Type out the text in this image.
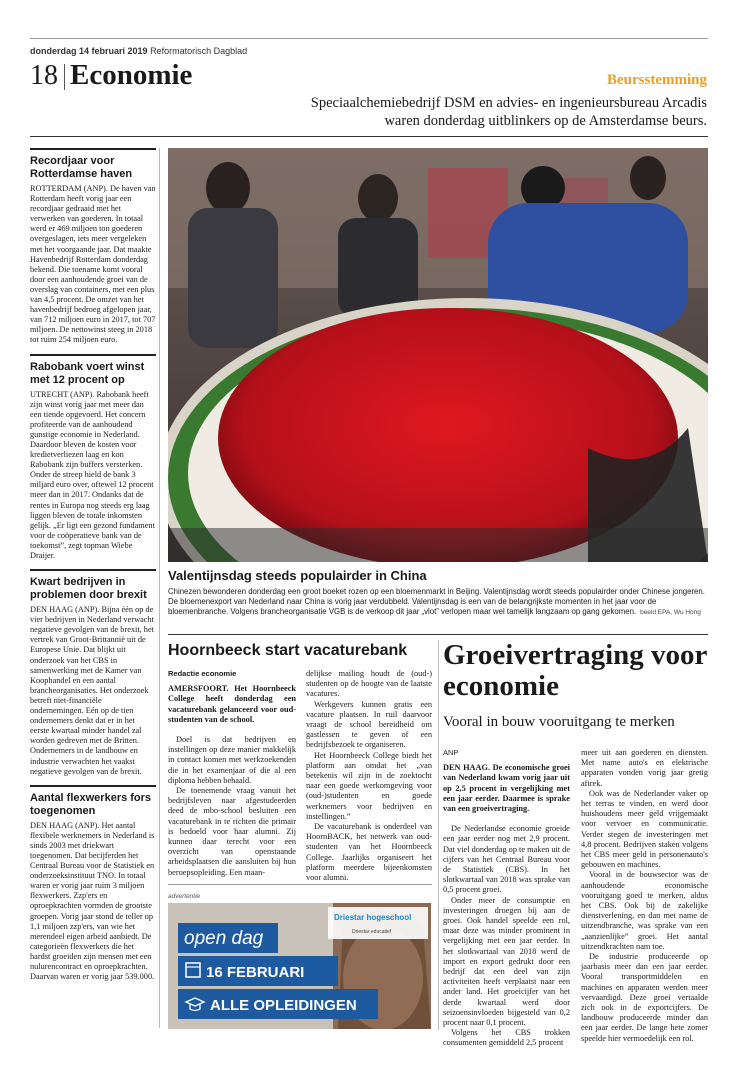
donderdag 14 februari 2019 Reformatorisch Dagblad
18 Economie	Beursstemming
Speciaalchemiebedrijf DSM en advies- en ingenieursbureau Arcadis waren donderdag uitblinkers op de Amsterdamse beurs.
Recordjaar voor Rotterdamse haven

ROTTERDAM (ANP). De haven van Rotterdam heeft vorig jaar een recordjaar gedraaid met het verwerken van goederen. In totaal werd er 469 miljoen ton goederen overgeslagen, iets meer vergeleken met het voorgaande jaar. Dat maakte Havenbedrijf Rotterdam donderdag bekend. Die toename komt vooral door een aanhoudende groei van de overslag van containers, met een plus van 4,5 procent. De omzet van het havenbedrijf bedroeg afgelopen jaar, van 712 miljoen euro in 2017, tot 707 miljoen. De nettowinst steeg in 2018 tot ruim 254 miljoen euro.

Rabobank voert winst met 12 procent op

UTRECHT (ANP). Rabobank heeft zijn winst vorig jaar met meer dan een tiende opgevoerd. Het concern profiteerde van de aanhoudend gunstige economie in Nederland. Daardoor bleven de kosten voor kredietverliezen laag en kon Rabobank zijn buffers versterken. Onder de streep hield de bank 3 miljard euro over, oftewel 12 procent meer dan in 2017. Ondanks dat de rentes in Europa nog steeds erg laag liggen bleven de totale inkomsten gelijk. „Er ligt een gezond fundament voor de coöperatieve bank van de toekomst”, zegt topman Wiebe Draijer.

Kwart bedrijven in problemen door brexit

DEN HAAG (ANP). Bijna één op de vier bedrijven in Nederland verwacht negatieve gevolgen van de brexit, het vertrek van Groot-Brittannië uit de Europese Unie. Dat blijkt uit onderzoek van het CBS in samenwerking met de Kamer van Koophandel en een aantal brancheorganisaties. Het onderzoek betreft niet-financiële ondernemingen. Eén op de tien ondernemers denkt dat er in het eerste kwartaal minder handel zal worden gedreven met de Britten. Ondernemers in de landbouw en industrie verwachten het vaakst negatieve gevolgen van de brexit.

Aantal flexwerkers fors toegenomen

DEN HAAG (ANP). Het aantal flexibele werknemers in Nederland is sinds 2003 met driekwart toegenomen. Dat becijferden het Centraal Bureau voor de Statistiek en onderzoeksinstituut TNO. In totaal waren er vorig jaar ruim 3 miljoen flexwerkers. Zzp'ers en oproepkrachten vormden de grootste groepen. Vorig jaar stond de teller op 1,1 miljoen zzp'ers, van wie het merendeel eigen arbeid aanbiedt. De categorieën flexwerkers die het hardst groeiden zijn mensen met een nulurencontract en oproepkrachten. Daarvan waren er vorig jaar 539.000.

Valentijnsdag steeds populairder in China
Chinezen bewonderen donderdag een groot boeket rozen op een bloemenmarkt in Beijing. Valentijnsdag wordt steeds populairder onder Chinese jongeren. De bloemenexport van Nederland naar China is vorig jaar verdubbeld. Valentijnsdag is een van de belangrijkste momenten in het jaar voor de bloemenbranche. Volgens brancheorganisatie VGB is de verkoop dit jaar „vlot” verlopen maar wel tamelijk langzaam op gang gekomen. beeld EPA, Wu Hong
Hoornbeeck start vacaturebank
Redactie economie

AMERSFOORT. Het Hoornbeeck College heeft donderdag een vacaturebank gelanceerd voor oud-studenten van de school.

Doel is dat bedrijven en instellingen op deze manier makkelijk in contact komen met werkzoekenden die in het examenjaar of die al een diploma hebben behaald.

De toenemende vraag vanuit het bedrijfsleven naar afgestudeerden deed de mbo-school besluiten een vacaturebank in te richten die primair is bedoeld voor haar alumni. Zij kunnen daar terecht voor een overzicht van openstaande arbeidsplaatsen die aansluiten bij hun beroepsopleiding. Een maan-

delijkse mailing houdt de (oud-) studenten op de hoogte van de laatste vacatures.

Werkgevers kunnen gratis een vacature plaatsen. In ruil daarvoor vraagt de school bereidheid om gastlessen te geven of een bedrijfsbezoek te organiseren.

Het Hoornbeeck College biedt het platform aan omdat het „van betekenis wil zijn in de zoektocht naar een goede werkomgeving voor (oud-)studenten en goede werknemers voor bedrijven en instellingen.”

De vacaturebank is onderdeel van HoornBACK, het netwerk van oud-studenten van het Hoornbeeck College. Jaarlijks organiseert het platform meerdere bijeenkomsten voor alumni.

advertentie
Driestar hogeschool
Driestar educatief
open dag
16 FEBRUARI
ALLE OPLEIDINGEN
Groeivertraging voor economie
Vooral in bouw vooruitgang te merken
ANP

DEN HAAG. De economische groei van Nederland kwam vorig jaar uit op 2,5 procent in vergelijking met een jaar eerder. Daarmee is sprake van een groeivertraging.

De Nederlandse economie groeide een jaar eerder nog met 2,9 procent. Dat viel donderdag op te maken uit de cijfers van het Centraal Bureau voor de Statistiek (CBS). In het slotkwartaal van 2018 was sprake van 0,5 procent groei.

Onder meer de consumptie en investeringen droegen bij aan de groei. Ook handel speelde een rol, maar deze was minder prominent in vergelijking met een jaar eerder. In het slotkwartaal van 2018 werd de import en export gedrukt door een bedrijf dat een deel van zijn activiteiten heeft verplaatst naar een ander land. Het groeicijfer van het derde kwartaal werd door seizoensinvloeden bijgesteld van 0,2 procent naar 0,1 procent.

Volgens het CBS trokken consumenten gemiddeld 2,5 procent

meer uit aan goederen en diensten. Met name auto's en elektrische apparaten vonden vorig jaar gretig aftrek.

Ook was de Nederlander vaker op het terras te vinden, en werd door huishoudens meer geld vrijgemaakt voor vervoer en communicatie. Verder stegen de investeringen met 4,8 procent. Bedrijven staken volgens het CBS meer geld in personenauto's gebouwen en machines.

Vooral in de bouwsector was de aanhoudende economische vooruitgang goed te merken, aldus het CBS. Ook bij de zakelijke dienstverlening, en dan met name de uitzendbranche, was sprake van een „aanzienlijke” groei. Het aantal uitzendkrachten nam toe.

De industrie produceerde op jaarbasis meer dan een jaar eerder. Vooral transportmiddelen en machines en apparaten werden meer vervaardigd. Deze groei vertaalde zich ook in de exportcijfers. De landbouw produceerde minder dan een jaar eerder. De lange hete zomer speelde hier vermoedelijk een rol.
